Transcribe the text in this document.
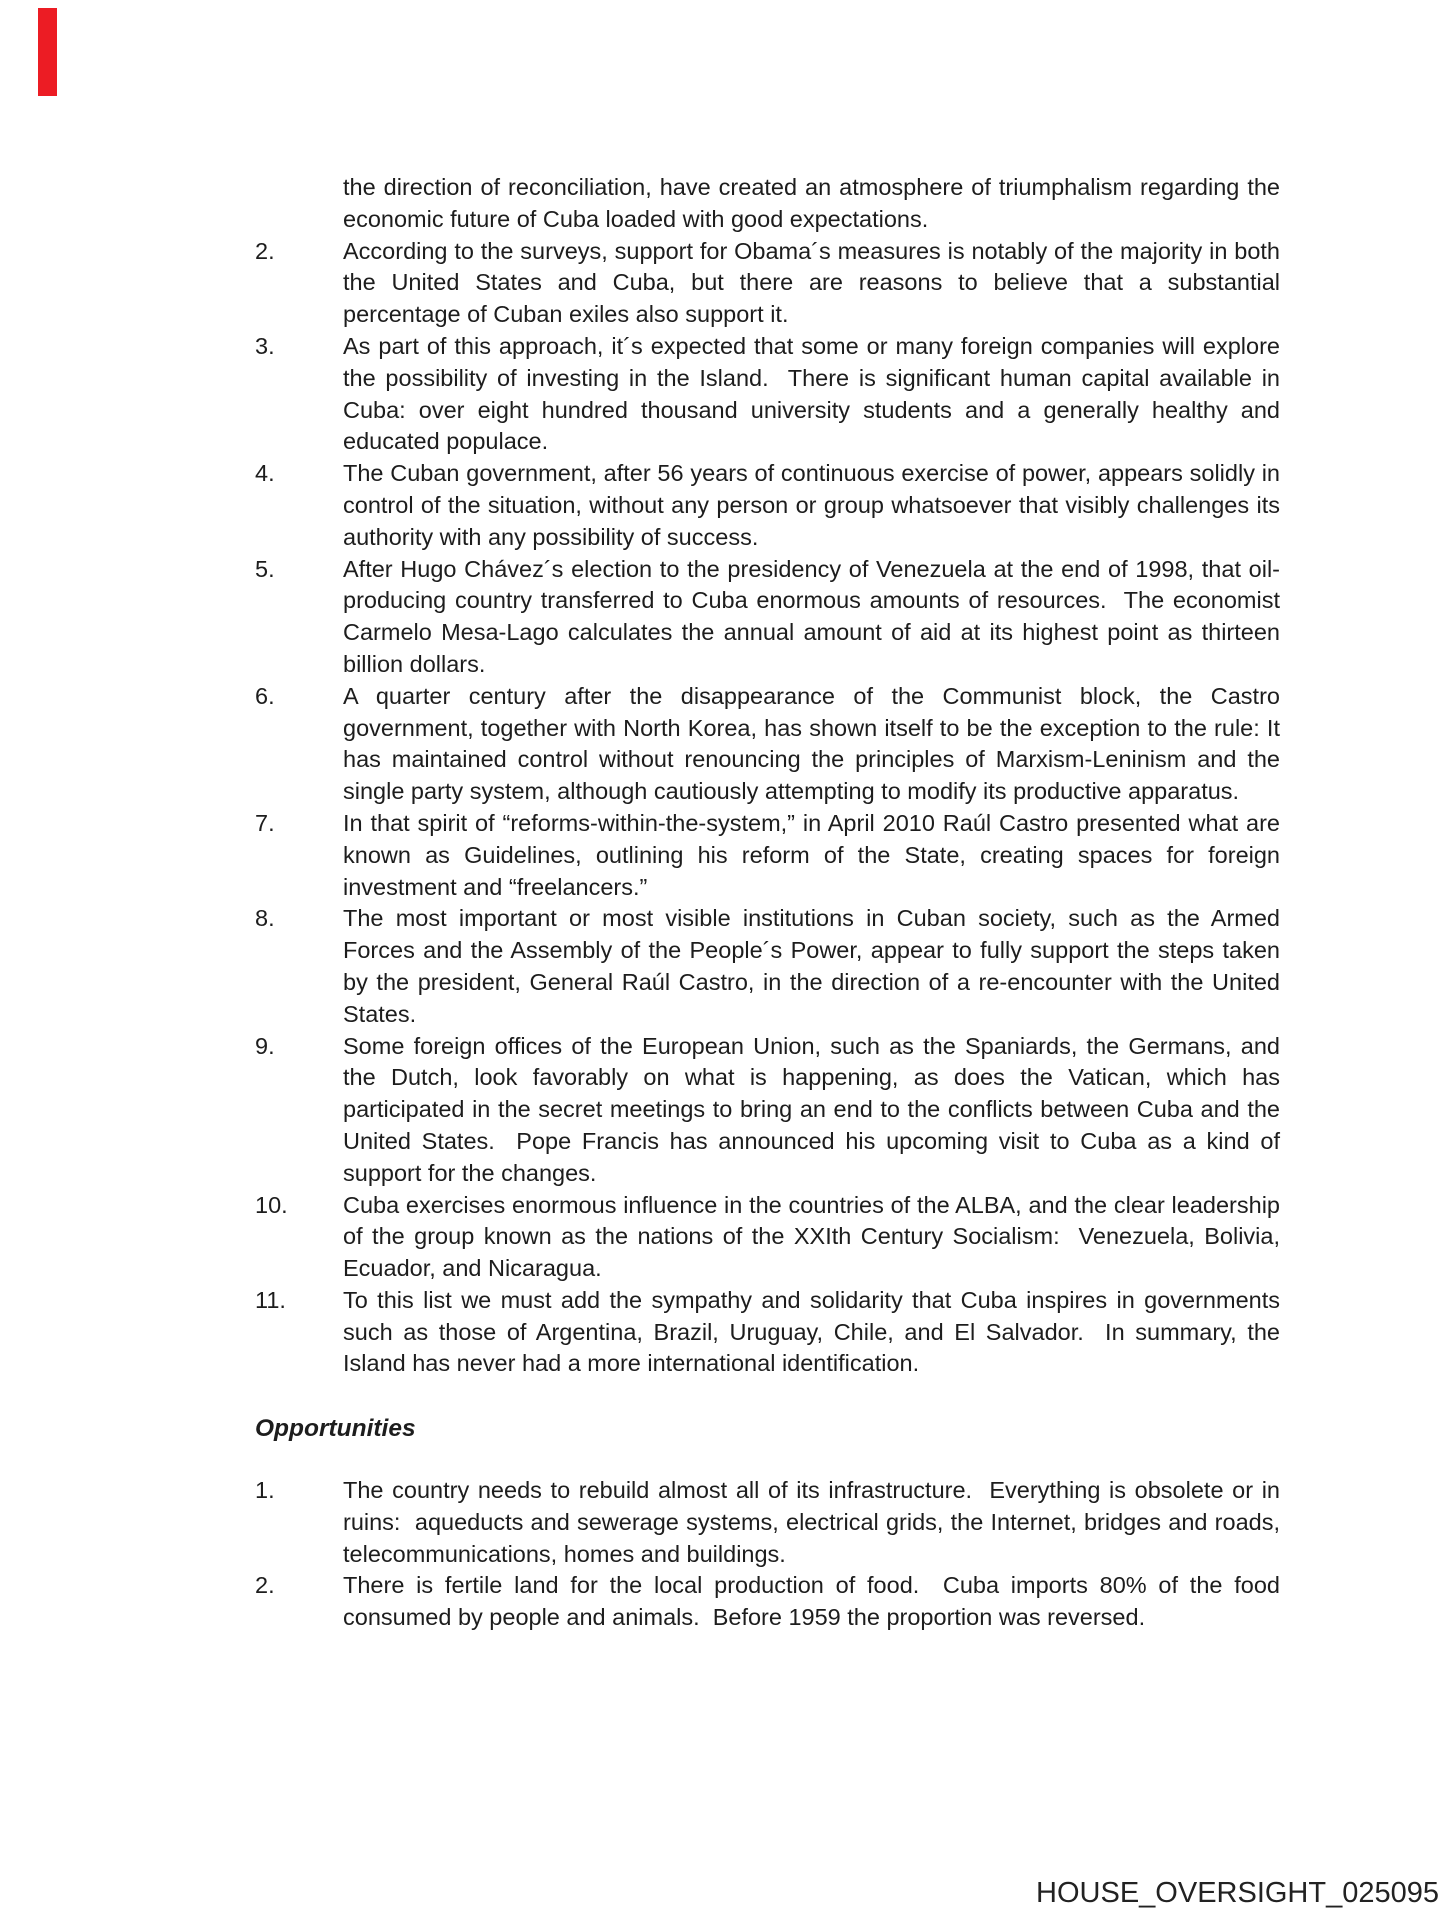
the direction of reconciliation, have created an atmosphere of triumphalism regarding the economic future of Cuba loaded with good expectations.

2.	According to the surveys, support for Obama´s measures is notably of the majority in both the United States and Cuba, but there are reasons to believe that a substantial percentage of Cuban exiles also support it.

3.	As part of this approach, it´s expected that some or many foreign companies will explore the possibility of investing in the Island.  There is significant human capital available in Cuba: over eight hundred thousand university students and a generally healthy and educated populace.

4.	The Cuban government, after 56 years of continuous exercise of power, appears solidly in control of the situation, without any person or group whatsoever that visibly challenges its authority with any possibility of success.

5.	After Hugo Chávez´s election to the presidency of Venezuela at the end of 1998, that oil-producing country transferred to Cuba enormous amounts of resources.  The economist Carmelo Mesa-Lago calculates the annual amount of aid at its highest point as thirteen billion dollars.

6.	A quarter century after the disappearance of the Communist block, the Castro government, together with North Korea, has shown itself to be the exception to the rule: It has maintained control without renouncing the principles of Marxism-Leninism and the single party system, although cautiously attempting to modify its productive apparatus.

7.	In that spirit of “reforms-within-the-system,” in April 2010 Raúl Castro presented what are known as Guidelines, outlining his reform of the State, creating spaces for foreign investment and “freelancers.”

8.	The most important or most visible institutions in Cuban society, such as the Armed Forces and the Assembly of the People´s Power, appear to fully support the steps taken by the president, General Raúl Castro, in the direction of a re-encounter with the United States.

9.	Some foreign offices of the European Union, such as the Spaniards, the Germans, and the Dutch, look favorably on what is happening, as does the Vatican, which has participated in the secret meetings to bring an end to the conflicts between Cuba and the United States.  Pope Francis has announced his upcoming visit to Cuba as a kind of support for the changes.

10.	Cuba exercises enormous influence in the countries of the ALBA, and the clear leadership of the group known as the nations of the XXIth Century Socialism:  Venezuela, Bolivia, Ecuador, and Nicaragua.

11.	To this list we must add the sympathy and solidarity that Cuba inspires in governments such as those of Argentina, Brazil, Uruguay, Chile, and El Salvador.  In summary, the Island has never had a more international identification.

Opportunities

1.	The country needs to rebuild almost all of its infrastructure.  Everything is obsolete or in ruins:  aqueducts and sewerage systems, electrical grids, the Internet, bridges and roads, telecommunications, homes and buildings.

2.	There is fertile land for the local production of food.  Cuba imports 80% of the food consumed by people and animals.  Before 1959 the proportion was reversed.

HOUSE_OVERSIGHT_025095
